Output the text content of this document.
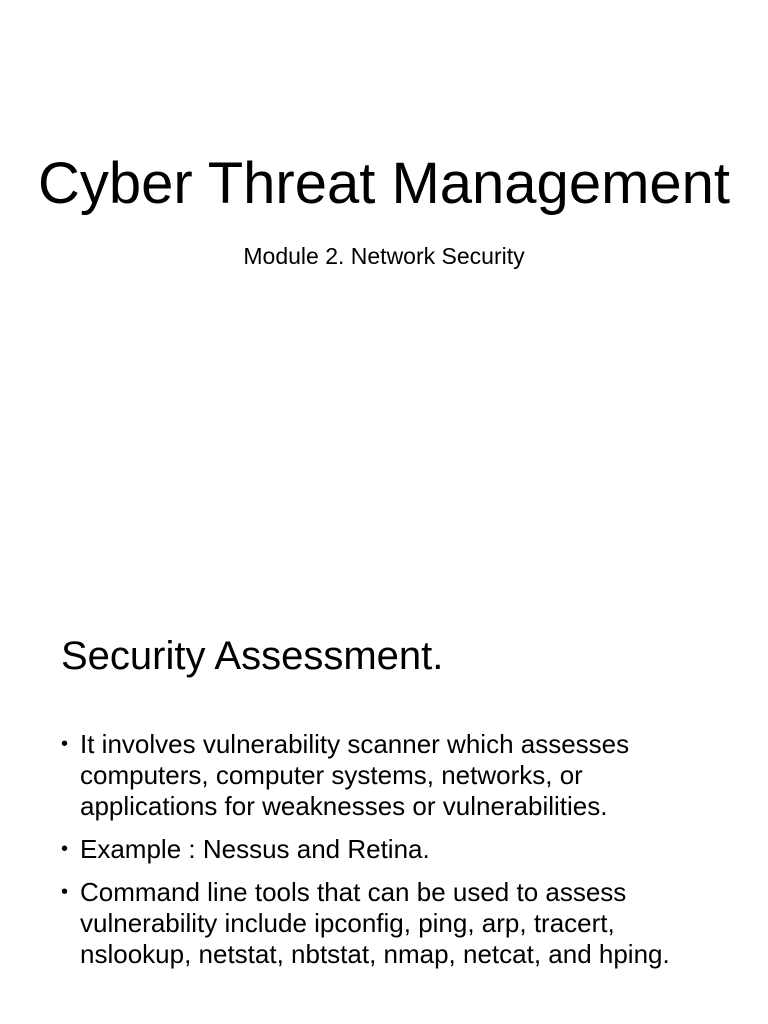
Cyber Threat Management

Module 2. Network Security

Security Assessment.
• It involves vulnerability scanner which assesses computers, computer systems, networks, or applications for weaknesses or vulnerabilities.
• Example : Nessus and Retina.
• Command line tools that can be used to assess vulnerability include ipconfig, ping, arp, tracert, nslookup, netstat, nbtstat, nmap, netcat, and hping.
